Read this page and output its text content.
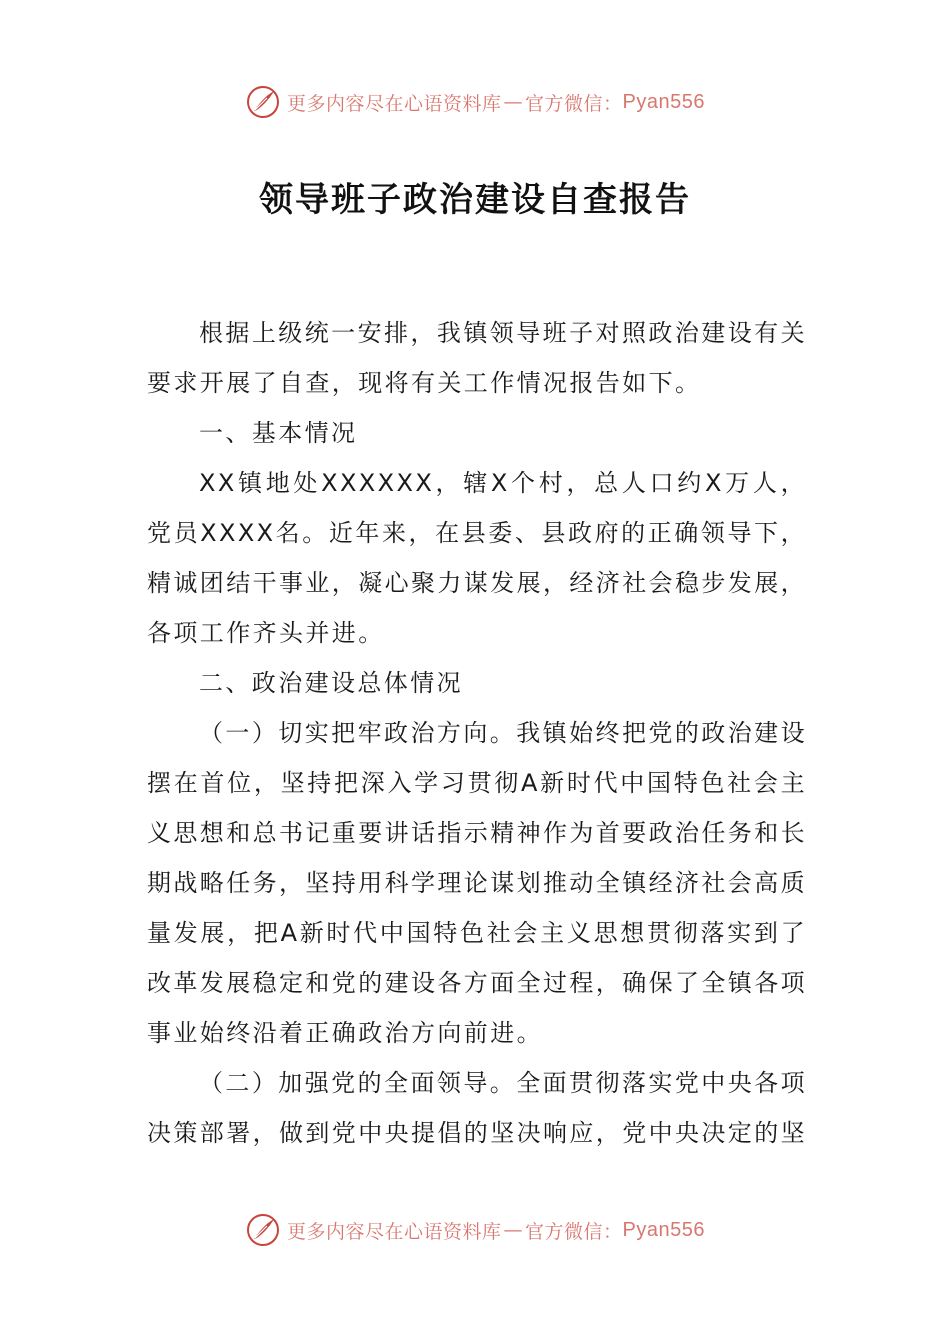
更多内容尽在心语资料库 — 官方微信： Pyan556
领导班子政治建设自查报告

根据上级统一安排，我镇领导班子对照政治建设有关要求开展了自查，现将有关工作情况报告如下。

一、基本情况

XX镇地处XXXXXX，辖X个村，总人口约X万人，党员XXXX名。近年来，在县委、县政府的正确领导下，精诚团结干事业，凝心聚力谋发展，经济社会稳步发展，各项工作齐头并进。

二、政治建设总体情况

（一）切实把牢政治方向。我镇始终把党的政治建设摆在首位，坚持把深入学习贯彻A新时代中国特色社会主义思想和总书记重要讲话指示精神作为首要政治任务和长期战略任务，坚持用科学理论谋划推动全镇经济社会高质量发展，把A新时代中国特色社会主义思想贯彻落实到了改革发展稳定和党的建设各方面全过程，确保了全镇各项事业始终沿着正确政治方向前进。

（二）加强党的全面领导。全面贯彻落实党中央各项决策部署，做到党中央提倡的坚决响应，党中央决定的坚

更多内容尽在心语资料库 — 官方微信： Pyan556
